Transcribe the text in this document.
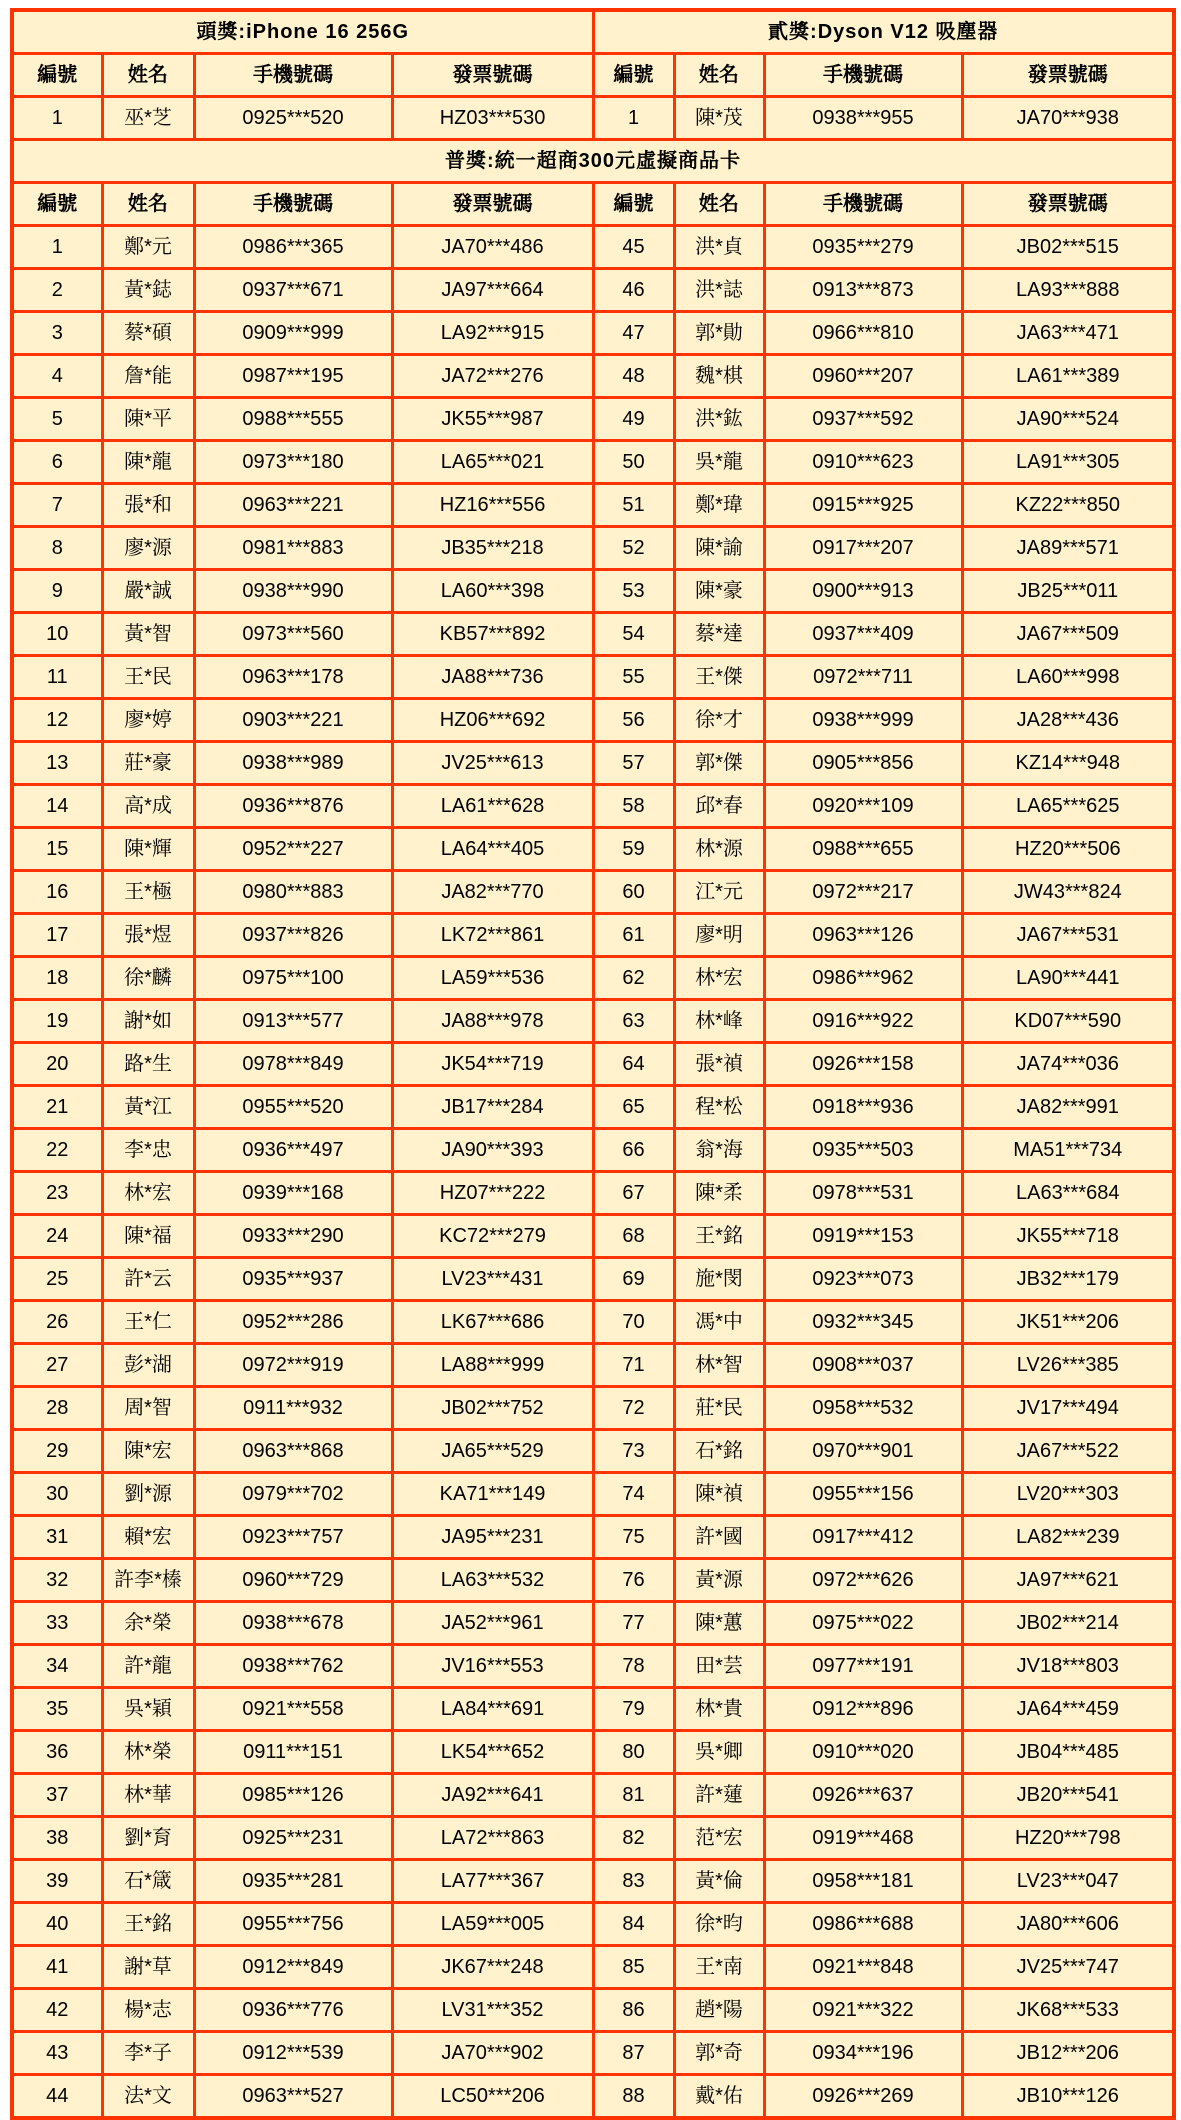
頭獎:iPhone 16 256G				貳獎:Dyson V12 吸塵器			
編號	姓名	手機號碼	發票號碼	編號	姓名	手機號碼	發票號碼
1	巫*芝	0925***520	HZ03***530	1	陳*茂	0938***955	JA70***938
普獎:統一超商300元虛擬商品卡							
編號	姓名	手機號碼	發票號碼	編號	姓名	手機號碼	發票號碼
1	鄭*元	0986***365	JA70***486	45	洪*貞	0935***279	JB02***515
2	黃*鋕	0937***671	JA97***664	46	洪*誌	0913***873	LA93***888
3	蔡*碩	0909***999	LA92***915	47	郭*勛	0966***810	JA63***471
4	詹*能	0987***195	JA72***276	48	魏*棋	0960***207	LA61***389
5	陳*平	0988***555	JK55***987	49	洪*鈜	0937***592	JA90***524
6	陳*龍	0973***180	LA65***021	50	吳*龍	0910***623	LA91***305
7	張*和	0963***221	HZ16***556	51	鄭*瑋	0915***925	KZ22***850
8	廖*源	0981***883	JB35***218	52	陳*諭	0917***207	JA89***571
9	嚴*誠	0938***990	LA60***398	53	陳*豪	0900***913	JB25***011
10	黃*智	0973***560	KB57***892	54	蔡*達	0937***409	JA67***509
11	王*民	0963***178	JA88***736	55	王*傑	0972***711	LA60***998
12	廖*婷	0903***221	HZ06***692	56	徐*才	0938***999	JA28***436
13	莊*豪	0938***989	JV25***613	57	郭*傑	0905***856	KZ14***948
14	高*成	0936***876	LA61***628	58	邱*春	0920***109	LA65***625
15	陳*輝	0952***227	LA64***405	59	林*源	0988***655	HZ20***506
16	王*極	0980***883	JA82***770	60	江*元	0972***217	JW43***824
17	張*煜	0937***826	LK72***861	61	廖*明	0963***126	JA67***531
18	徐*麟	0975***100	LA59***536	62	林*宏	0986***962	LA90***441
19	謝*如	0913***577	JA88***978	63	林*峰	0916***922	KD07***590
20	路*生	0978***849	JK54***719	64	張*禎	0926***158	JA74***036
21	黃*江	0955***520	JB17***284	65	程*松	0918***936	JA82***991
22	李*忠	0936***497	JA90***393	66	翁*海	0935***503	MA51***734
23	林*宏	0939***168	HZ07***222	67	陳*柔	0978***531	LA63***684
24	陳*福	0933***290	KC72***279	68	王*銘	0919***153	JK55***718
25	許*云	0935***937	LV23***431	69	施*閔	0923***073	JB32***179
26	王*仁	0952***286	LK67***686	70	馮*中	0932***345	JK51***206
27	彭*湖	0972***919	LA88***999	71	林*智	0908***037	LV26***385
28	周*智	0911***932	JB02***752	72	莊*民	0958***532	JV17***494
29	陳*宏	0963***868	JA65***529	73	石*銘	0970***901	JA67***522
30	劉*源	0979***702	KA71***149	74	陳*禎	0955***156	LV20***303
31	賴*宏	0923***757	JA95***231	75	許*國	0917***412	LA82***239
32	許李*榛	0960***729	LA63***532	76	黃*源	0972***626	JA97***621
33	余*榮	0938***678	JA52***961	77	陳*蕙	0975***022	JB02***214
34	許*龍	0938***762	JV16***553	78	田*芸	0977***191	JV18***803
35	吳*穎	0921***558	LA84***691	79	林*貴	0912***896	JA64***459
36	林*榮	0911***151	LK54***652	80	吳*卿	0910***020	JB04***485
37	林*華	0985***126	JA92***641	81	許*蓮	0926***637	JB20***541
38	劉*育	0925***231	LA72***863	82	范*宏	0919***468	HZ20***798
39	石*箴	0935***281	LA77***367	83	黃*倫	0958***181	LV23***047
40	王*銘	0955***756	LA59***005	84	徐*昀	0986***688	JA80***606
41	謝*草	0912***849	JK67***248	85	王*南	0921***848	JV25***747
42	楊*志	0936***776	LV31***352	86	趙*陽	0921***322	JK68***533
43	李*子	0912***539	JA70***902	87	郭*奇	0934***196	JB12***206
44	法*文	0963***527	LC50***206	88	戴*佑	0926***269	JB10***126
